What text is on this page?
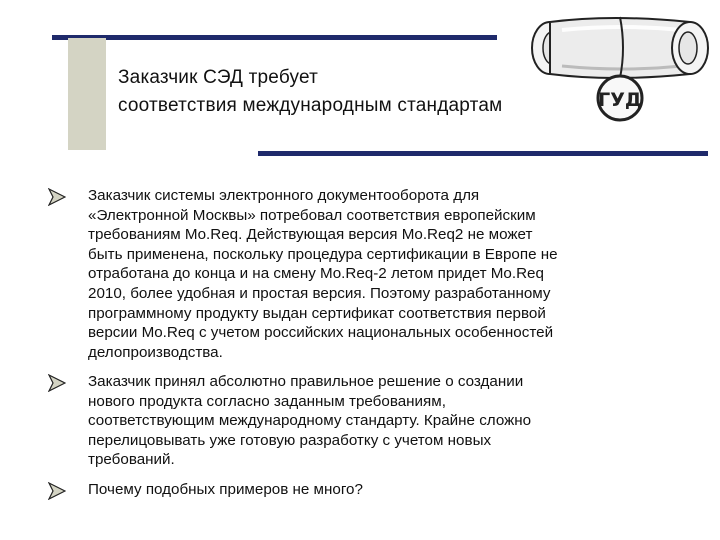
Заказчик СЭД требует
соответствия международным стандартам	ГУД
Заказчик системы электронного документооборота для
«Электронной Москвы» потребовал соответствия европейским
требованиям Mo.Req. Действующая версия Mo.Req2 не может
быть применена, поскольку процедура сертификации в Европе не
отработана до конца и на смену Mo.Req-2 летом придет Mo.Req
2010, более удобная и простая версия. Поэтому разработанному
программному продукту выдан сертификат соответствия первой
версии Mo.Req с учетом российских национальных особенностей
делопроизводства.
Заказчик принял абсолютно правильное решение о создании
нового продукта согласно заданным требованиям,
соответствующим международному стандарту. Крайне сложно
перелицовывать уже готовую разработку с учетом новых
требований.
Почему подобных примеров не много?
